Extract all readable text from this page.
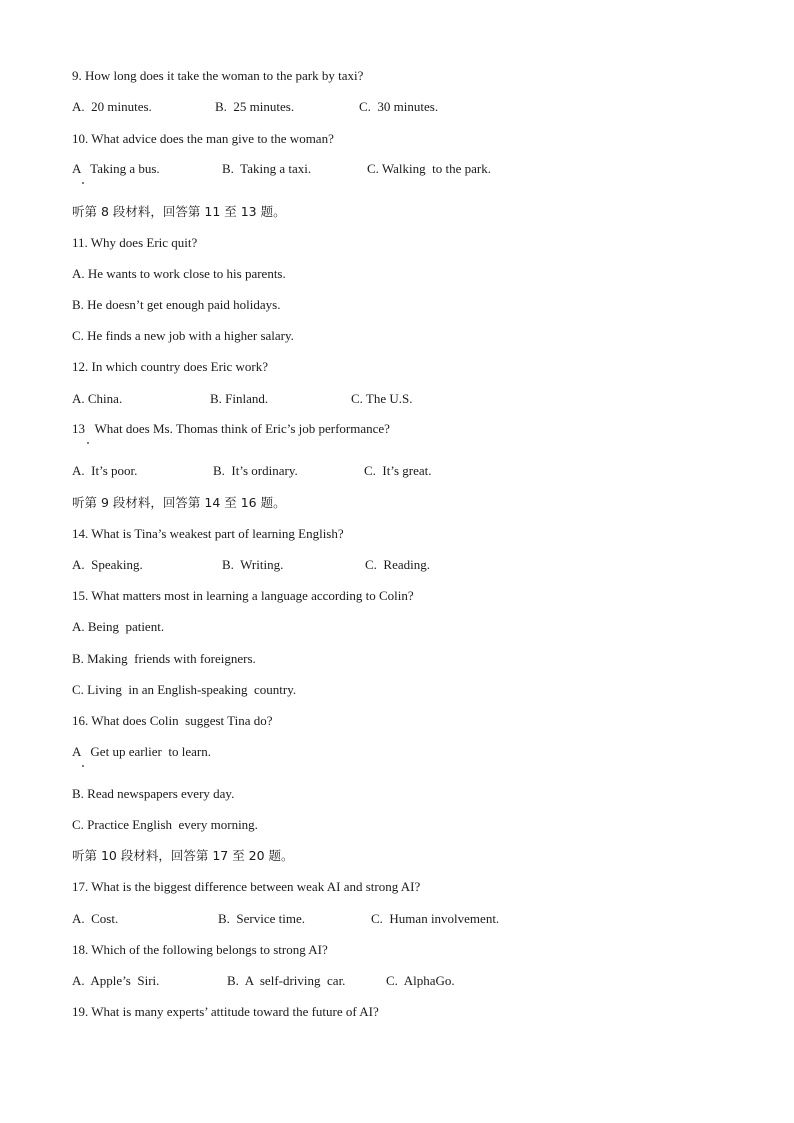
9. How long does it take the woman to the park by taxi?
A.  20 minutes.	B.  25 minutes.	C.  30 minutes.
10. What advice does the man give to the woman?
A   Taking a bus.	B.  Taking a taxi.	C. Walking  to the park.
听第 8 段材料，回答第 11 至 13 题。
11. Why does Eric quit?
A. He wants to work close to his parents.
B. He doesn’t get enough paid holidays.
C. He finds a new job with a higher salary.
12. In which country does Eric work?
A. China.	B. Finland.	C. The U.S.
13   What does Ms. Thomas think of Eric’s job performance?
A.  It’s poor.	B.  It’s ordinary.	C.  It’s great.
听第 9 段材料，回答第 14 至 16 题。
14. What is Tina’s weakest part of learning English?
A.  Speaking.	B.  Writing.	C.  Reading.
15. What matters most in learning a language according to Colin?
A. Being  patient.
B. Making  friends with foreigners.
C. Living  in an English-speaking  country.
16. What does Colin  suggest Tina do?
A   Get up earlier  to learn.
B. Read newspapers every day.
C. Practice English  every morning.
听第 10 段材料，回答第 17 至 20 题。
17. What is the biggest difference between weak AI and strong AI?
A.  Cost.	B.  Service time.	C.  Human involvement.
18. Which of the following belongs to strong AI?
A.  Apple’s  Siri.	B.  A  self-driving  car.	C.  AlphaGo.
19. What is many experts’ attitude toward the future of AI?
